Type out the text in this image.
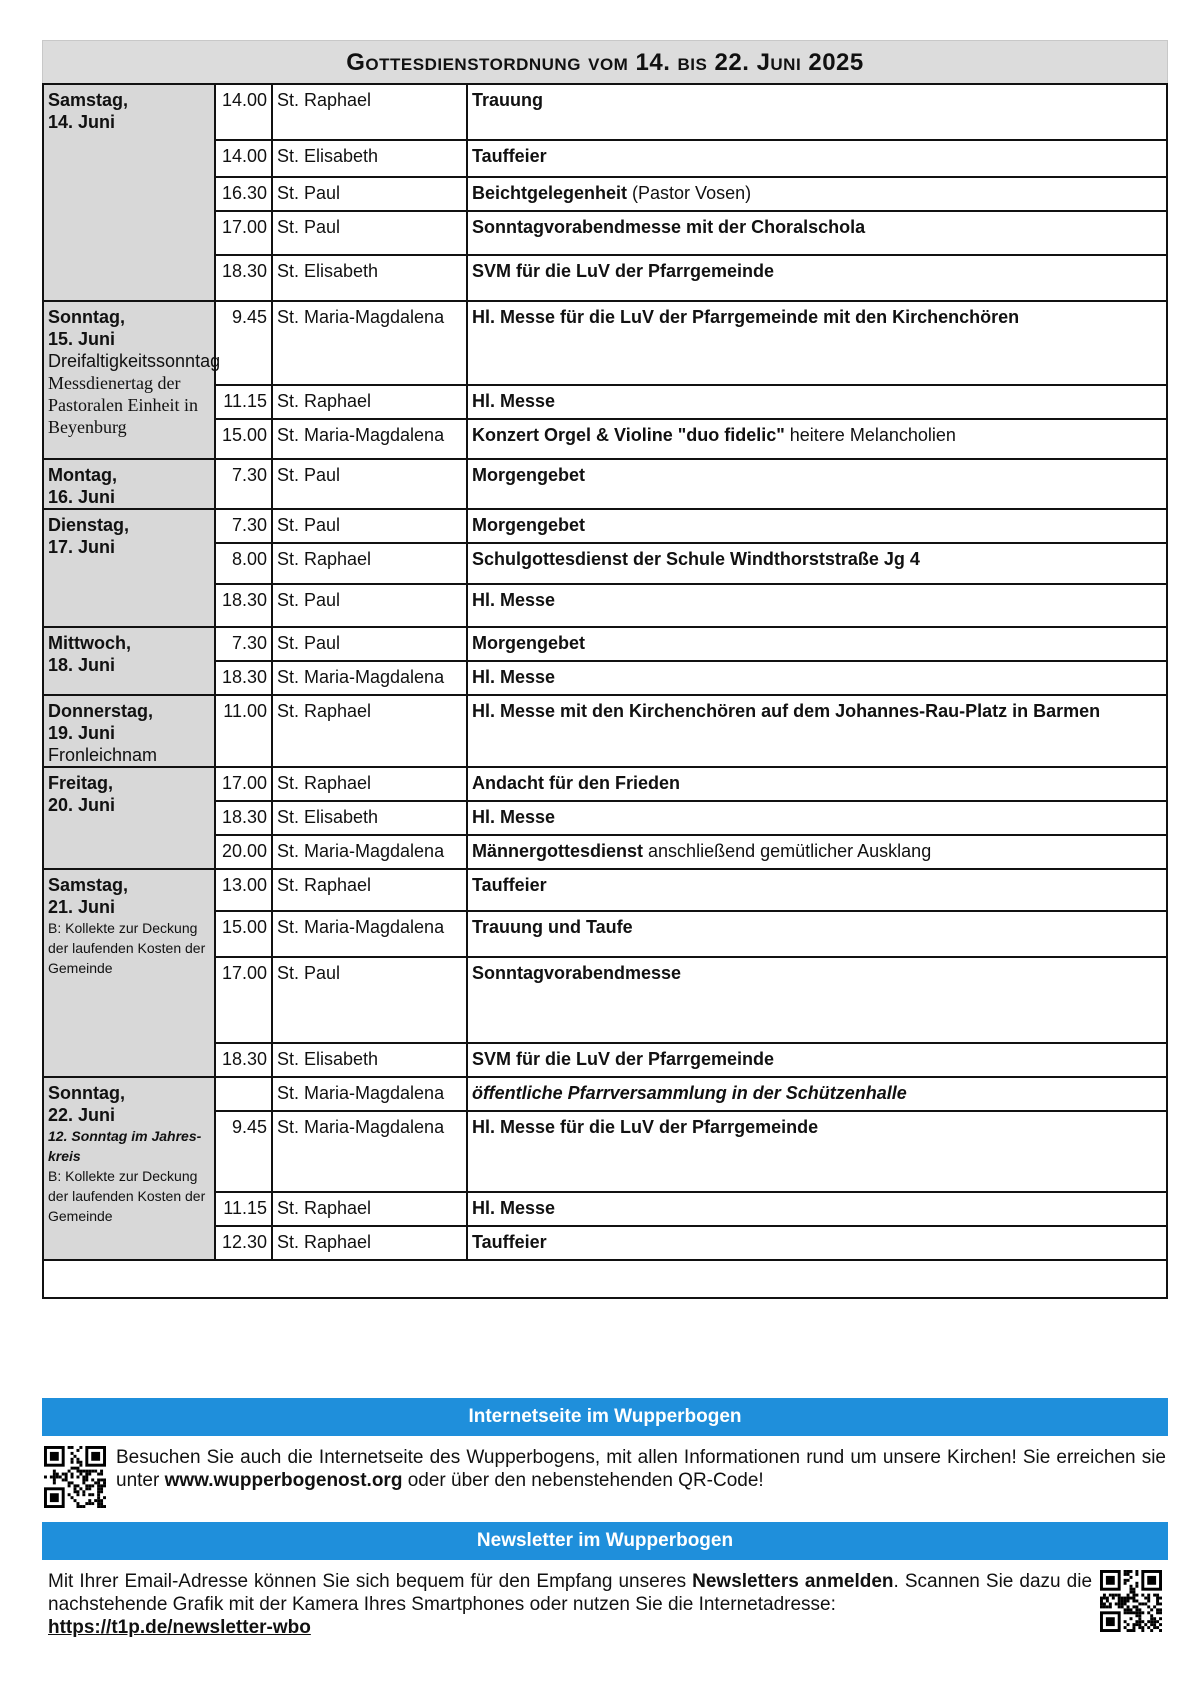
Gottesdienstordnung vom 14. bis 22. Juni 2025
Samstag,
14. Juni	14.00	St. Raphael	Trauung
	14.00	St. Elisabeth	Tauffeier
	16.30	St. Paul	Beichtgelegenheit (Pastor Vosen)
	17.00	St. Paul	Sonntagvorabendmesse mit der Choralschola
	18.30	St. Elisabeth	SVM für die LuV der Pfarrgemeinde

Sonntag,
15. Juni
Dreifaltigkeitssonntag
Messdienertag der Pastoralen Einheit in Beyenburg	9.45	St. Maria-Magdalena	Hl. Messe für die LuV der Pfarrgemeinde mit den Kirchenchören
	11.15	St. Raphael	Hl. Messe
	15.00	St. Maria-Magdalena	Konzert Orgel & Violine "duo fidelic" heitere Melancholien

Montag,
16. Juni	7.30	St. Paul	Morgengebet

Dienstag,
17. Juni	7.30	St. Paul	Morgengebet
	8.00	St. Raphael	Schulgottesdienst der Schule Windthorststraße Jg 4
	18.30	St. Paul	Hl. Messe

Mittwoch,
18. Juni	7.30	St. Paul	Morgengebet
	18.30	St. Maria-Magdalena	Hl. Messe

Donnerstag,
19. Juni
Fronleichnam	11.00	St. Raphael	Hl. Messe mit den Kirchenchören auf dem Johannes-Rau-Platz in Barmen

Freitag,
20. Juni	17.00	St. Raphael	Andacht für den Frieden
	18.30	St. Elisabeth	Hl. Messe
	20.00	St. Maria-Magdalena	Männergottesdienst anschließend gemütlicher Ausklang

Samstag,
21. Juni
B: Kollekte zur Deckung der laufenden Kosten der Gemeinde	13.00	St. Raphael	Tauffeier
	15.00	St. Maria-Magdalena	Trauung und Taufe
	17.00	St. Paul	Sonntagvorabendmesse
	18.30	St. Elisabeth	SVM für die LuV der Pfarrgemeinde

Sonntag,
22. Juni
12. Sonntag im Jahres-kreis
B: Kollekte zur Deckung der laufenden Kosten der Gemeinde		St. Maria-Magdalena	öffentliche Pfarrversammlung in der Schützenhalle
	9.45	St. Maria-Magdalena	Hl. Messe für die LuV der Pfarrgemeinde
	11.15	St. Raphael	Hl. Messe
	12.30	St. Raphael	Tauffeier

Internetseite im Wupperbogen
Besuchen Sie auch die Internetseite des Wupperbogens, mit allen Informationen rund um unsere Kirchen! Sie erreichen sie unter www.wupperbogenost.org oder über den nebenstehenden QR-Code!
Newsletter im Wupperbogen
Mit Ihrer Email-Adresse können Sie sich bequem für den Empfang unseres Newsletters anmelden. Scannen Sie dazu die nachstehende Grafik mit der Kamera Ihres Smartphones oder nutzen Sie die Internetadresse:
https://t1p.de/newsletter-wbo
